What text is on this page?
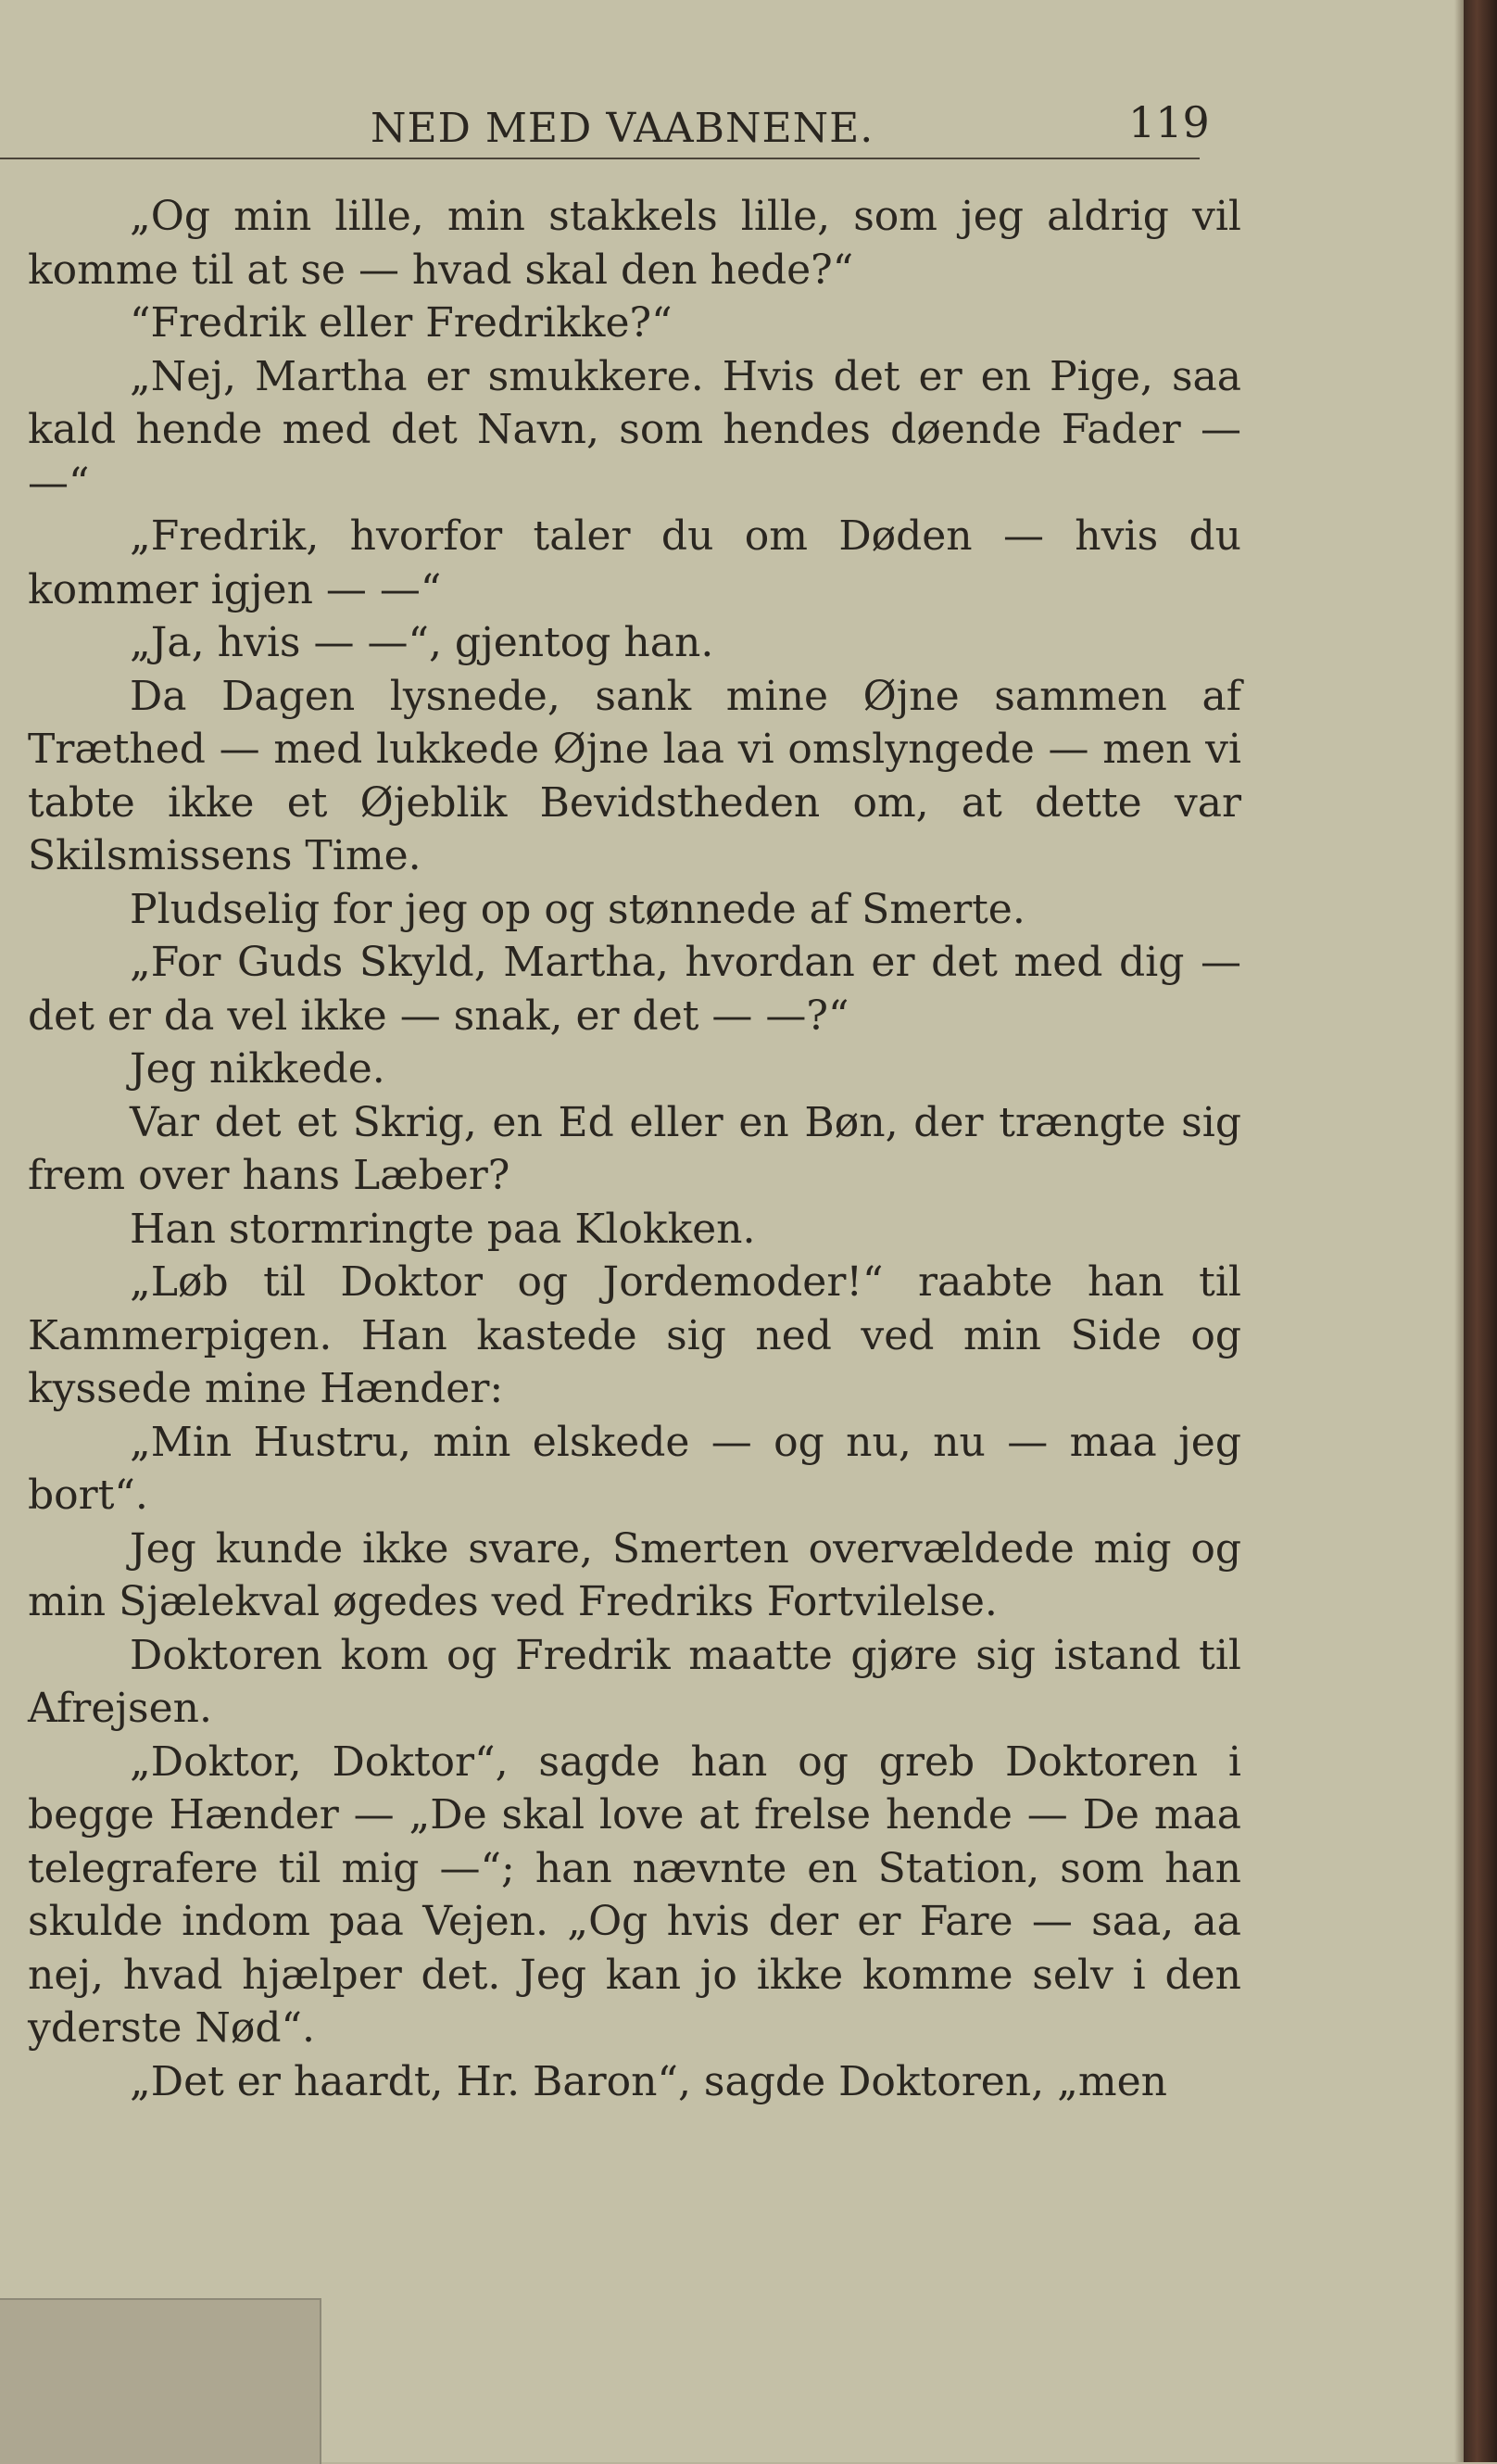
NED MED VAABNENE.	119
„Og min lille, min stakkels lille, som jeg aldrig vil komme til at se — hvad skal den hede?“
“Fredrik eller Fredrikke?“
„Nej, Martha er smukkere. Hvis det er en Pige, saa kald hende med det Navn, som hendes døende Fader — —“
„Fredrik, hvorfor taler du om Døden — hvis du kommer igjen — —“
„Ja, hvis — —“, gjentog han.
Da Dagen lysnede, sank mine Øjne sammen af Træthed — med lukkede Øjne laa vi omslyngede — men vi tabte ikke et Øjeblik Bevidstheden om, at dette var Skilsmissens Time.
Pludselig for jeg op og stønnede af Smerte.
„For Guds Skyld, Martha, hvordan er det med dig — det er da vel ikke — snak, er det — —?“
Jeg nikkede.
Var det et Skrig, en Ed eller en Bøn, der trængte sig frem over hans Læber?
Han stormringte paa Klokken.
„Løb til Doktor og Jordemoder!“ raabte han til Kammerpigen. Han kastede sig ned ved min Side og kyssede mine Hænder:
„Min Hustru, min elskede — og nu, nu — maa jeg bort“.
Jeg kunde ikke svare, Smerten overvældede mig og min Sjælekval øgedes ved Fredriks Fortvilelse.
Doktoren kom og Fredrik maatte gjøre sig istand til Afrejsen.
„Doktor, Doktor“, sagde han og greb Doktoren i begge Hænder — „De skal love at frelse hende — De maa telegrafere til mig —“; han nævnte en Station, som han skulde indom paa Vejen. „Og hvis der er Fare — saa, aa nej, hvad hjælper det. Jeg kan jo ikke komme selv i den yderste Nød“.
„Det er haardt, Hr. Baron“, sagde Doktoren, „men
